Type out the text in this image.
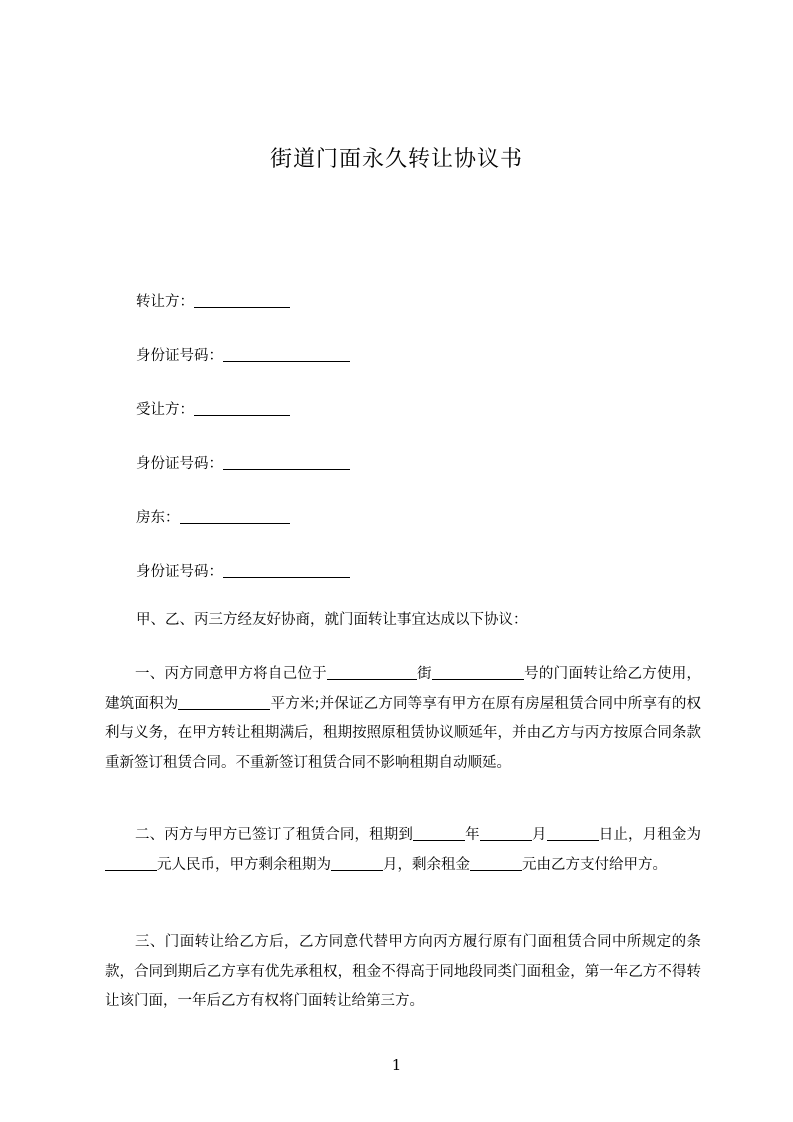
街道门面永久转让协议书
转让方：
身份证号码：
受让方：
身份证号码：
房东：
身份证号码：
甲、乙、丙三方经友好协商，就门面转让事宜达成以下协议：
一、丙方同意甲方将自己位于	街	号的门面转让给乙方使用，建筑面积为	平方米;并保证乙方同等享有甲方在原有房屋租赁合同中所享有的权利与义务，在甲方转让租期满后，租期按照原租赁协议顺延年，并由乙方与丙方按原合同条款重新签订租赁合同。不重新签订租赁合同不影响租期自动顺延。
二、丙方与甲方已签订了租赁合同，租期到	年	月	日止，月租金为元人民币，甲方剩余租期为	月，剩余租金	元由乙方支付给甲方。
三、门面转让给乙方后，乙方同意代替甲方向丙方履行原有门面租赁合同中所规定的条款，合同到期后乙方享有优先承租权，租金不得高于同地段同类门面租金，第一年乙方不得转让该门面，一年后乙方有权将门面转让给第三方。
1
